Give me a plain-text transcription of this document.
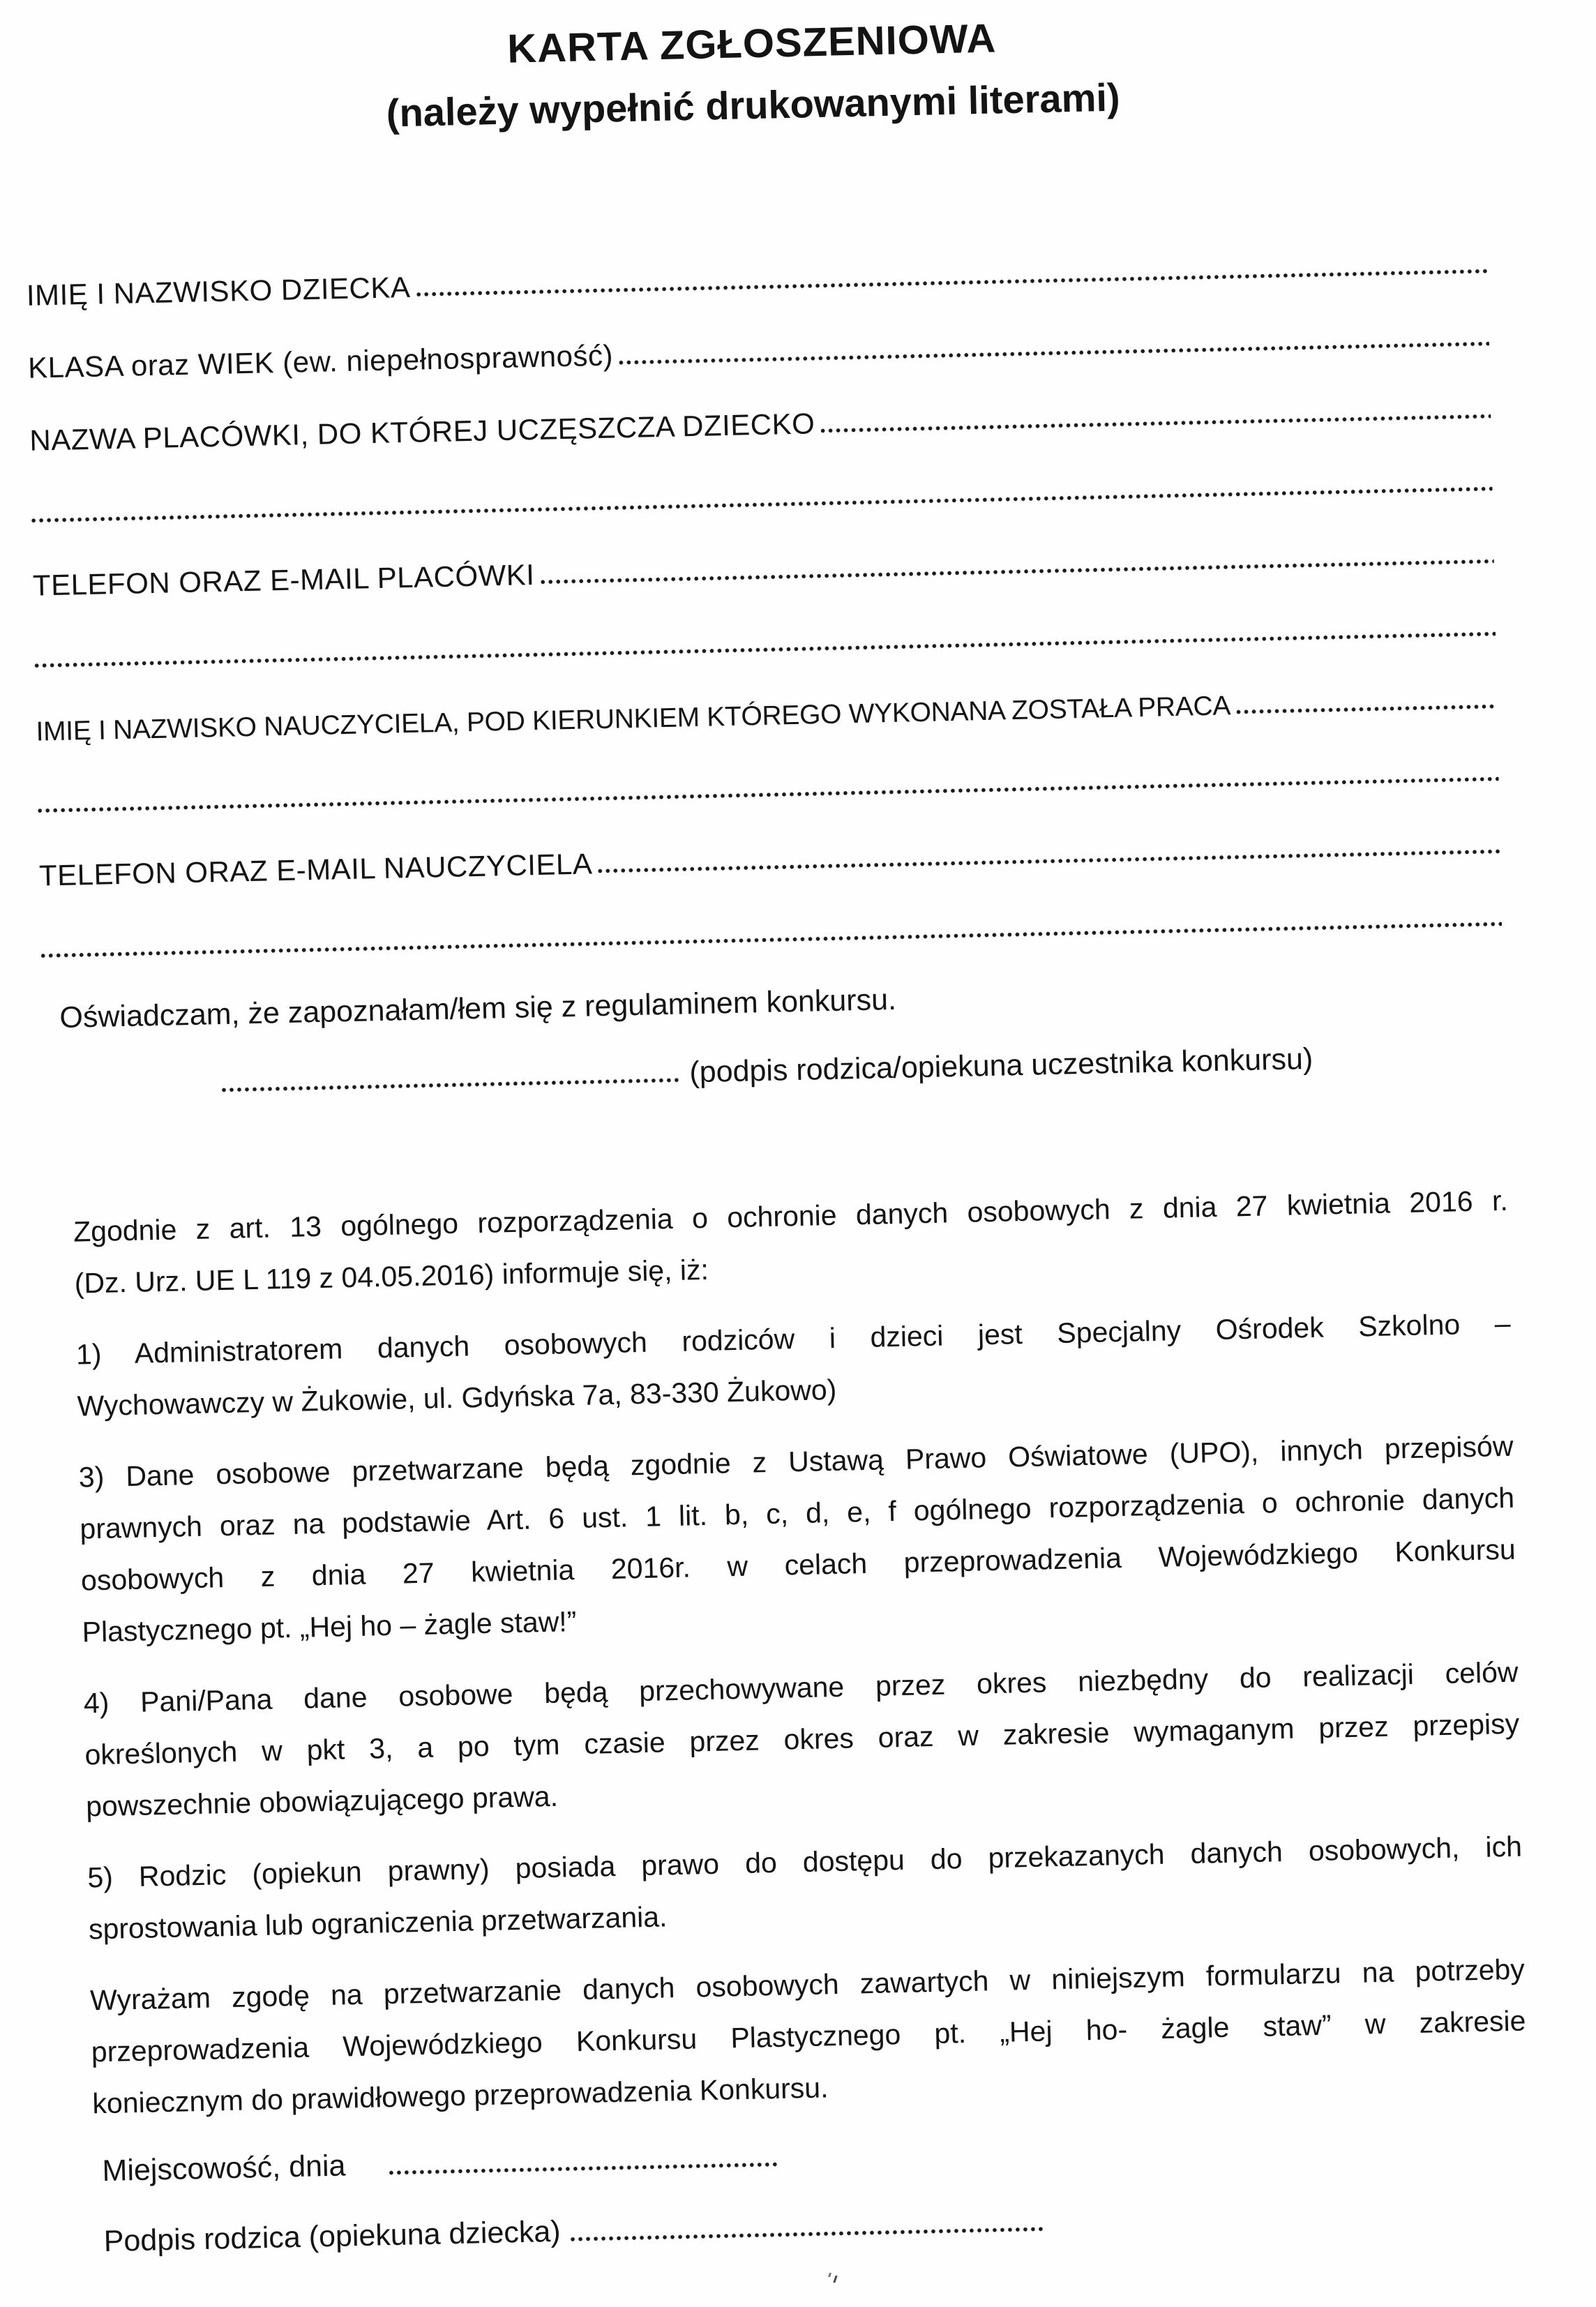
KARTA ZGŁOSZENIOWA
(należy wypełnić drukowanymi literami)
IMIĘ I NAZWISKO DZIECKA
KLASA oraz WIEK (ew. niepełnosprawność)
NAZWA PLACÓWKI, DO KTÓREJ UCZĘSZCZA DZIECKO
TELEFON ORAZ E-MAIL PLACÓWKI
IMIĘ I NAZWISKO NAUCZYCIELA, POD KIERUNKIEM KTÓREGO WYKONANA ZOSTAŁA PRACA
TELEFON ORAZ E-MAIL NAUCZYCIELA
Oświadczam, że zapoznałam/łem się z regulaminem konkursu.
(podpis rodzica/opiekuna uczestnika konkursu)
Zgodnie z art. 13 ogólnego rozporządzenia o ochronie danych osobowych z dnia 27 kwietnia 2016 r.
(Dz. Urz. UE L 119 z 04.05.2016) informuje się, iż:
1) Administratorem danych osobowych rodziców i dzieci jest Specjalny Ośrodek Szkolno –
Wychowawczy w Żukowie, ul. Gdyńska 7a, 83-330 Żukowo)
3) Dane osobowe przetwarzane będą zgodnie z Ustawą Prawo Oświatowe (UPO), innych przepisów
prawnych oraz na podstawie Art. 6 ust. 1 lit. b, c, d, e, f ogólnego rozporządzenia o ochronie danych
osobowych z dnia 27 kwietnia 2016r. w celach przeprowadzenia Wojewódzkiego Konkursu
Plastycznego pt. „Hej ho – żagle staw!”
4) Pani/Pana dane osobowe będą przechowywane przez okres niezbędny do realizacji celów
określonych w pkt 3, a po tym czasie przez okres oraz w zakresie wymaganym przez przepisy
powszechnie obowiązującego prawa.
5) Rodzic (opiekun prawny) posiada prawo do dostępu do przekazanych danych osobowych, ich
sprostowania lub ograniczenia przetwarzania.
Wyrażam zgodę na przetwarzanie danych osobowych zawartych w niniejszym formularzu na potrzeby
przeprowadzenia Wojewódzkiego Konkursu Plastycznego pt. „Hej ho- żagle staw” w zakresie
koniecznym do prawidłowego przeprowadzenia Konkursu.
Miejscowość, dnia
Podpis rodzica (opiekuna dziecka)
